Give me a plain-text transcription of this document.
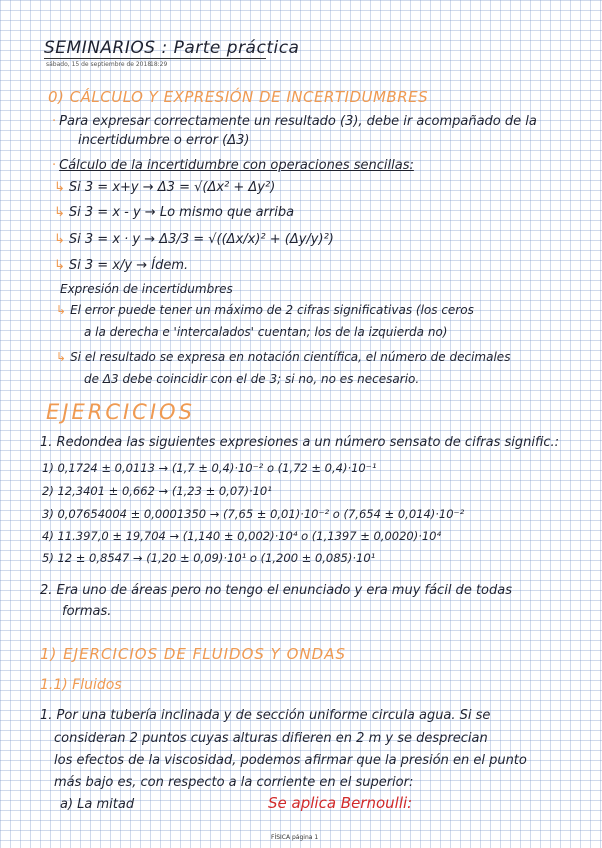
SEMINARIOS : Parte práctica
sábado, 15 de septiembre de 2018
18:29
0) CÁLCULO Y EXPRESIÓN DE INCERTIDUMBRES
· Para expresar correctamente un resultado (3), debe ir acompañado de la
incertidumbre o error (Δ3)
· Cálculo de la incertidumbre con operaciones sencillas:
↳ Si 3 = x+y → Δ3 = √(Δx² + Δy²)
↳ Si 3 = x - y → Lo mismo que arriba
↳ Si 3 = x · y → Δ3/3 = √((Δx/x)² + (Δy/y)²)
↳ Si 3 = x/y → Ídem.
Expresión de incertidumbres
↳ El error puede tener un máximo de 2 cifras significativas (los ceros
a la derecha e 'intercalados' cuentan; los de la izquierda no)
↳ Si el resultado se expresa en notación científica, el número de decimales
de Δ3 debe coincidir con el de 3; si no, no es necesario.
EJERCICIOS
1. Redondea las siguientes expresiones a un número sensato de cifras signific.:
1) 0,1724 ± 0,0113 → (1,7 ± 0,4)·10⁻² o (1,72 ± 0,4)·10⁻¹
2) 12,3401 ± 0,662 → (1,23 ± 0,07)·10¹
3) 0,07654004 ± 0,0001350 → (7,65 ± 0,01)·10⁻² o (7,654 ± 0,014)·10⁻²
4) 11.397,0 ± 19,704 → (1,140 ± 0,002)·10⁴ o (1,1397 ± 0,0020)·10⁴
5) 12 ± 0,8547 → (1,20 ± 0,09)·10¹ o (1,200 ± 0,085)·10¹
2. Era uno de áreas pero no tengo el enunciado y era muy fácil de todas
formas.
1) EJERCICIOS DE FLUIDOS Y ONDAS
1.1) Fluidos
1. Por una tubería inclinada y de sección uniforme circula agua. Si se
consideran 2 puntos cuyas alturas difieren en 2 m y se desprecian
los efectos de la viscosidad, podemos afirmar que la presión en el punto
más bajo es, con respecto a la corriente en el superior:
a) La mitad	Se aplica Bernoulli:
FÍSICA página 1
